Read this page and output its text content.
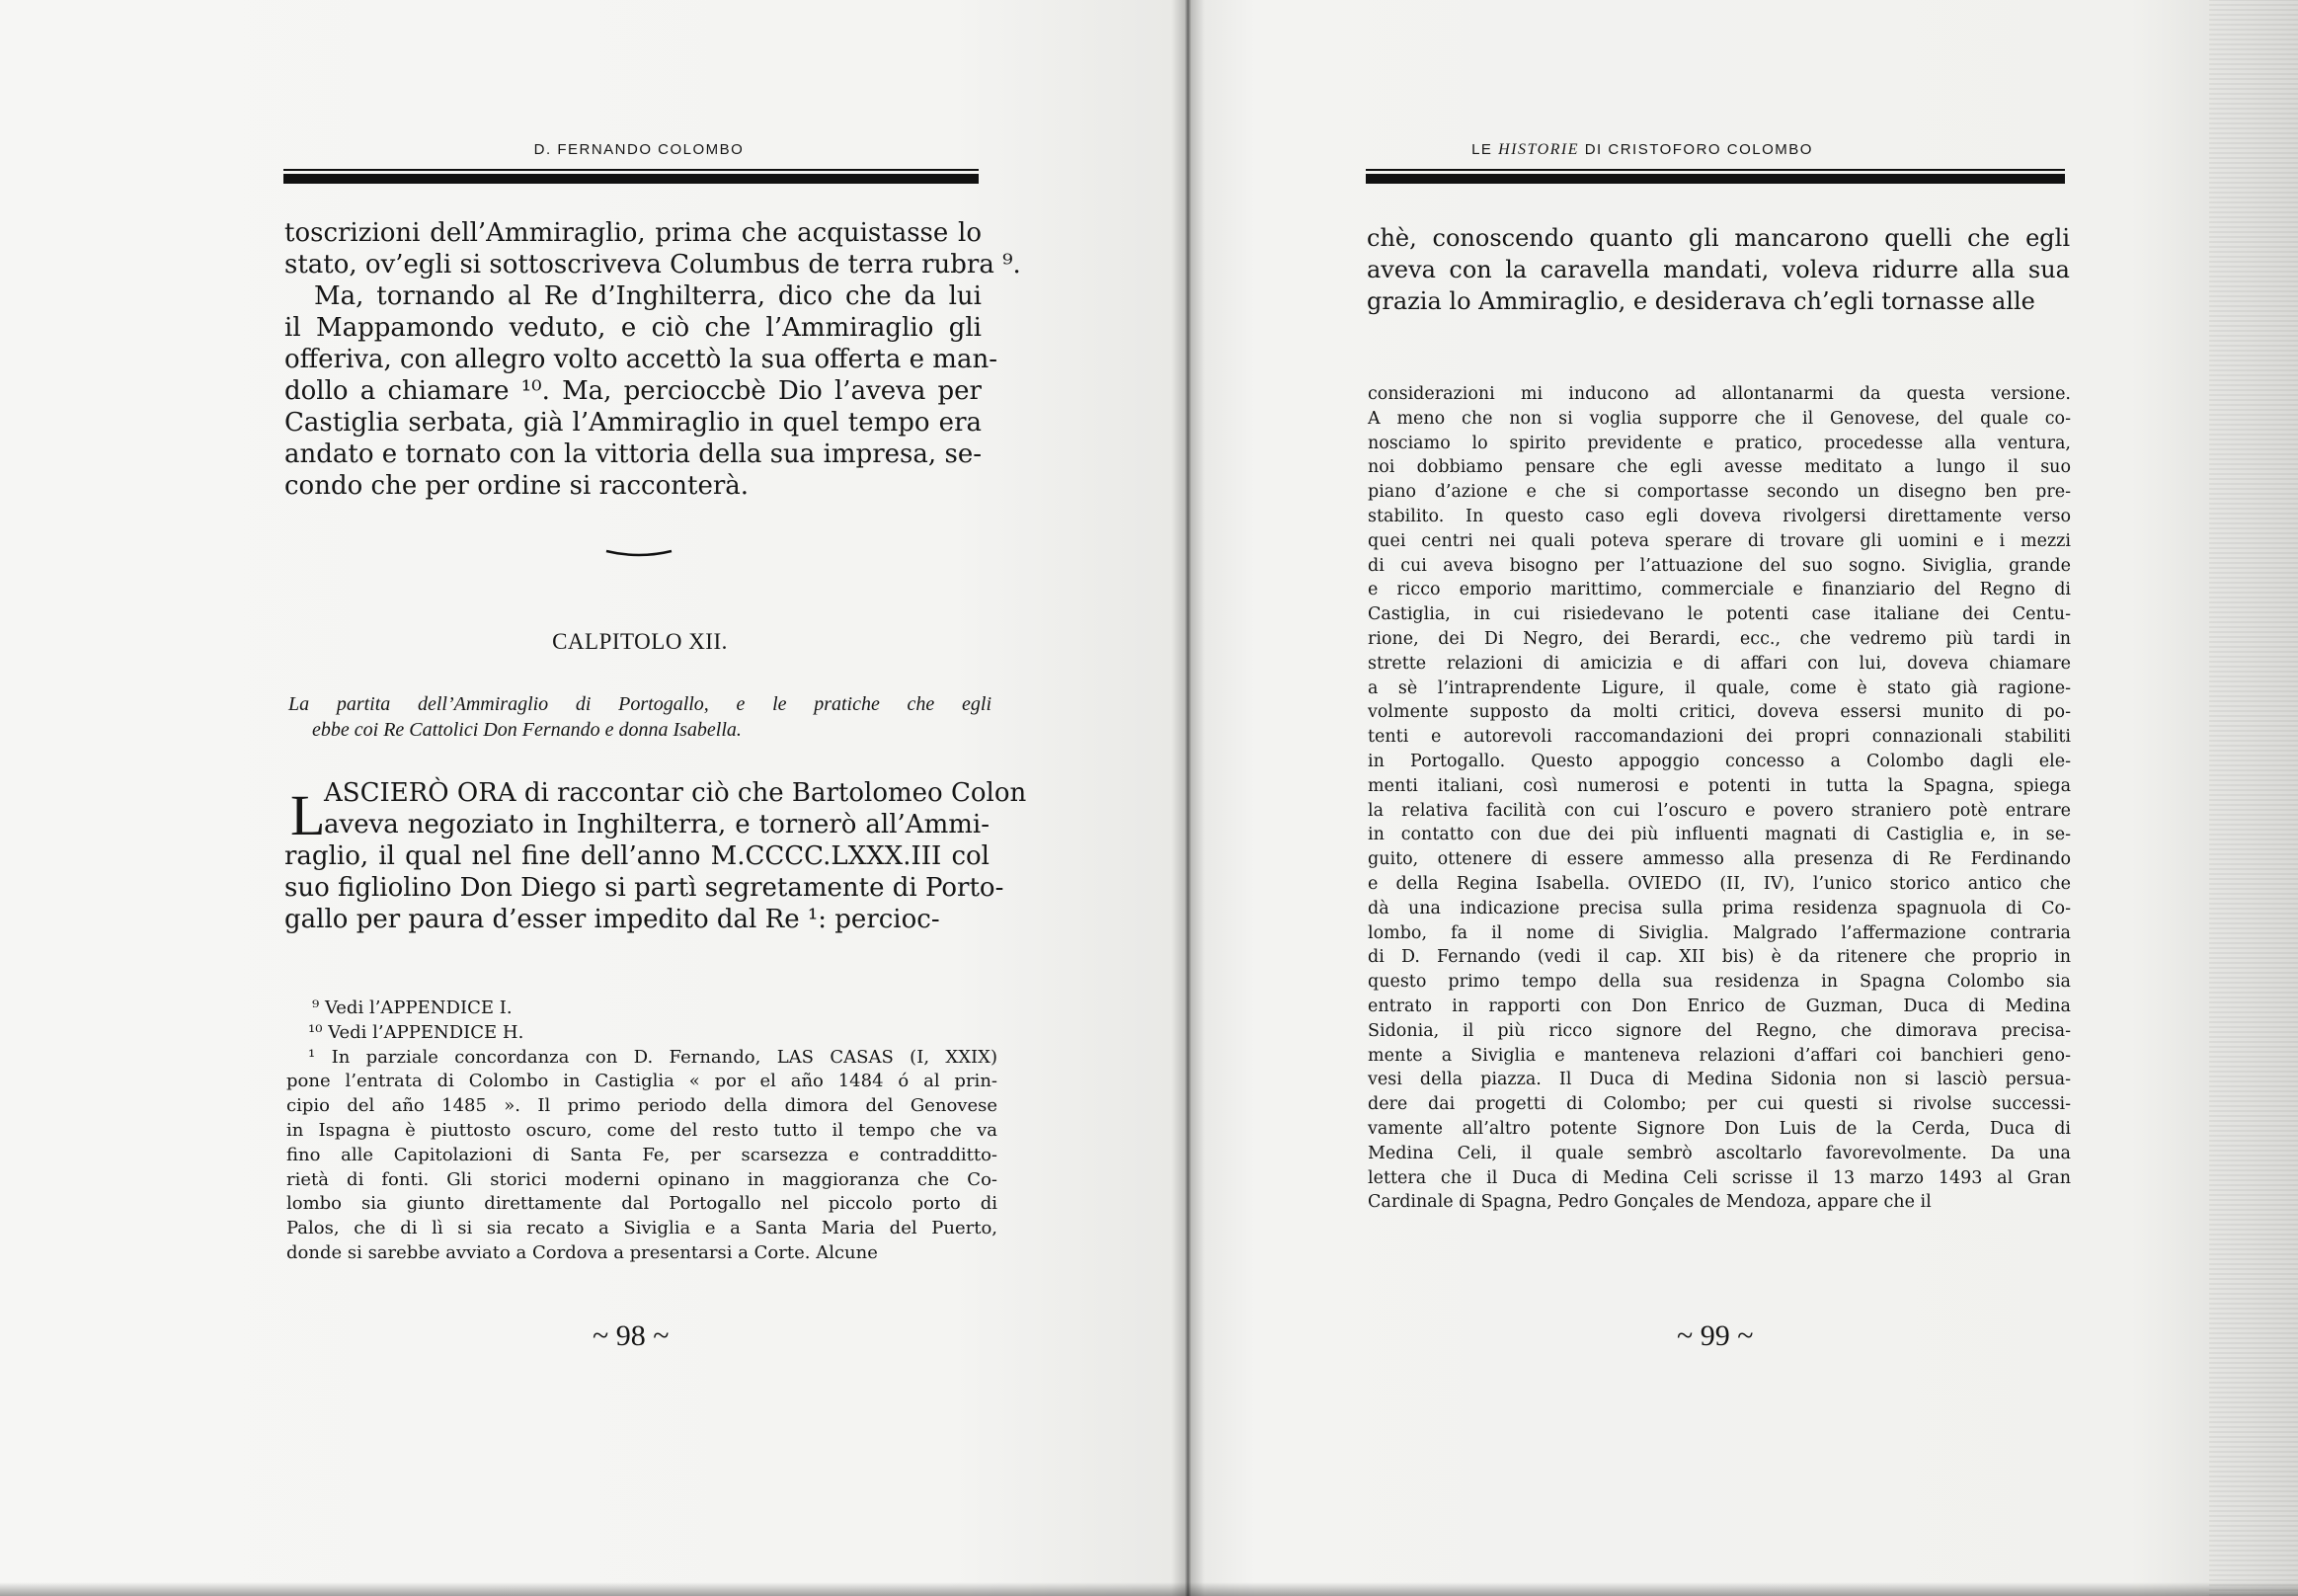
D. FERNANDO COLOMBO
toscrizioni dell’Ammiraglio, prima che acquistasse lo
stato, ov’egli si sottoscriveva Columbus de terra rubra ⁹.
Ma, tornando al Re d’Inghilterra, dico che da lui
il Mappamondo veduto, e ciò che l’Ammiraglio gli
offeriva, con allegro volto accettò la sua offerta e man-
dollo a chiamare ¹⁰. Ma, percioccbè Dio l’aveva per
Castiglia serbata, già l’Ammiraglio in quel tempo era
andato e tornato con la vittoria della sua impresa, se-
condo che per ordine si racconterà.
CALPITOLO XII.
La partita dell’Ammiraglio di Portogallo, e le pratiche che egli
ebbe coi Re Cattolici Don Fernando e donna Isabella.
L
ASCIERÒ ORA di raccontar ciò che Bartolomeo Colon
aveva negoziato in Inghilterra, e tornerò all’Ammi-
raglio, il qual nel fine dell’anno M.CCCC.LXXX.III col
suo figliolino Don Diego si partì segretamente di Porto-
gallo per paura d’esser impedito dal Re ¹: percioc-
⁹ Vedi l’APPENDICE I.
¹⁰ Vedi l’APPENDICE H.
¹ In parziale concordanza con D. Fernando, LAS CASAS (I, XXIX)
pone l’entrata di Colombo in Castiglia « por el año 1484 ó al prin-
cipio del año 1485 ». Il primo periodo della dimora del Genovese
in Ispagna è piuttosto oscuro, come del resto tutto il tempo che va
fino alle Capitolazioni di Santa Fe, per scarsezza e contradditto-
rietà di fonti. Gli storici moderni opinano in maggioranza che Co-
lombo sia giunto direttamente dal Portogallo nel piccolo porto di
Palos, che di lì si sia recato a Siviglia e a Santa Maria del Puerto,
donde si sarebbe avviato a Cordova a presentarsi a Corte. Alcune
~ 98 ~
LE HISTORIE DI CRISTOFORO COLOMBO
chè, conoscendo quanto gli mancarono quelli che egli
aveva con la caravella mandati, voleva ridurre alla sua
grazia lo Ammiraglio, e desiderava ch’egli tornasse alle
considerazioni mi inducono ad allontanarmi da questa versione.
A meno che non si voglia supporre che il Genovese, del quale co-
nosciamo lo spirito previdente e pratico, procedesse alla ventura,
noi dobbiamo pensare che egli avesse meditato a lungo il suo
piano d’azione e che si comportasse secondo un disegno ben pre-
stabilito. In questo caso egli doveva rivolgersi direttamente verso
quei centri nei quali poteva sperare di trovare gli uomini e i mezzi
di cui aveva bisogno per l’attuazione del suo sogno. Siviglia, grande
e ricco emporio marittimo, commerciale e finanziario del Regno di
Castiglia, in cui risiedevano le potenti case italiane dei Centu-
rione, dei Di Negro, dei Berardi, ecc., che vedremo più tardi in
strette relazioni di amicizia e di affari con lui, doveva chiamare
a sè l’intraprendente Ligure, il quale, come è stato già ragione-
volmente supposto da molti critici, doveva essersi munito di po-
tenti e autorevoli raccomandazioni dei propri connazionali stabiliti
in Portogallo. Questo appoggio concesso a Colombo dagli ele-
menti italiani, così numerosi e potenti in tutta la Spagna, spiega
la relativa facilità con cui l’oscuro e povero straniero potè entrare
in contatto con due dei più influenti magnati di Castiglia e, in se-
guito, ottenere di essere ammesso alla presenza di Re Ferdinando
e della Regina Isabella. OVIEDO (II, IV), l’unico storico antico che
dà una indicazione precisa sulla prima residenza spagnuola di Co-
lombo, fa il nome di Siviglia. Malgrado l’affermazione contraria
di D. Fernando (vedi il cap. XII bis) è da ritenere che proprio in
questo primo tempo della sua residenza in Spagna Colombo sia
entrato in rapporti con Don Enrico de Guzman, Duca di Medina
Sidonia, il più ricco signore del Regno, che dimorava precisa-
mente a Siviglia e manteneva relazioni d’affari coi banchieri geno-
vesi della piazza. Il Duca di Medina Sidonia non si lasciò persua-
dere dai progetti di Colombo; per cui questi si rivolse successi-
vamente all’altro potente Signore Don Luis de la Cerda, Duca di
Medina Celi, il quale sembrò ascoltarlo favorevolmente. Da una
lettera che il Duca di Medina Celi scrisse il 13 marzo 1493 al Gran
Cardinale di Spagna, Pedro Gonçales de Mendoza, appare che il
~ 99 ~
